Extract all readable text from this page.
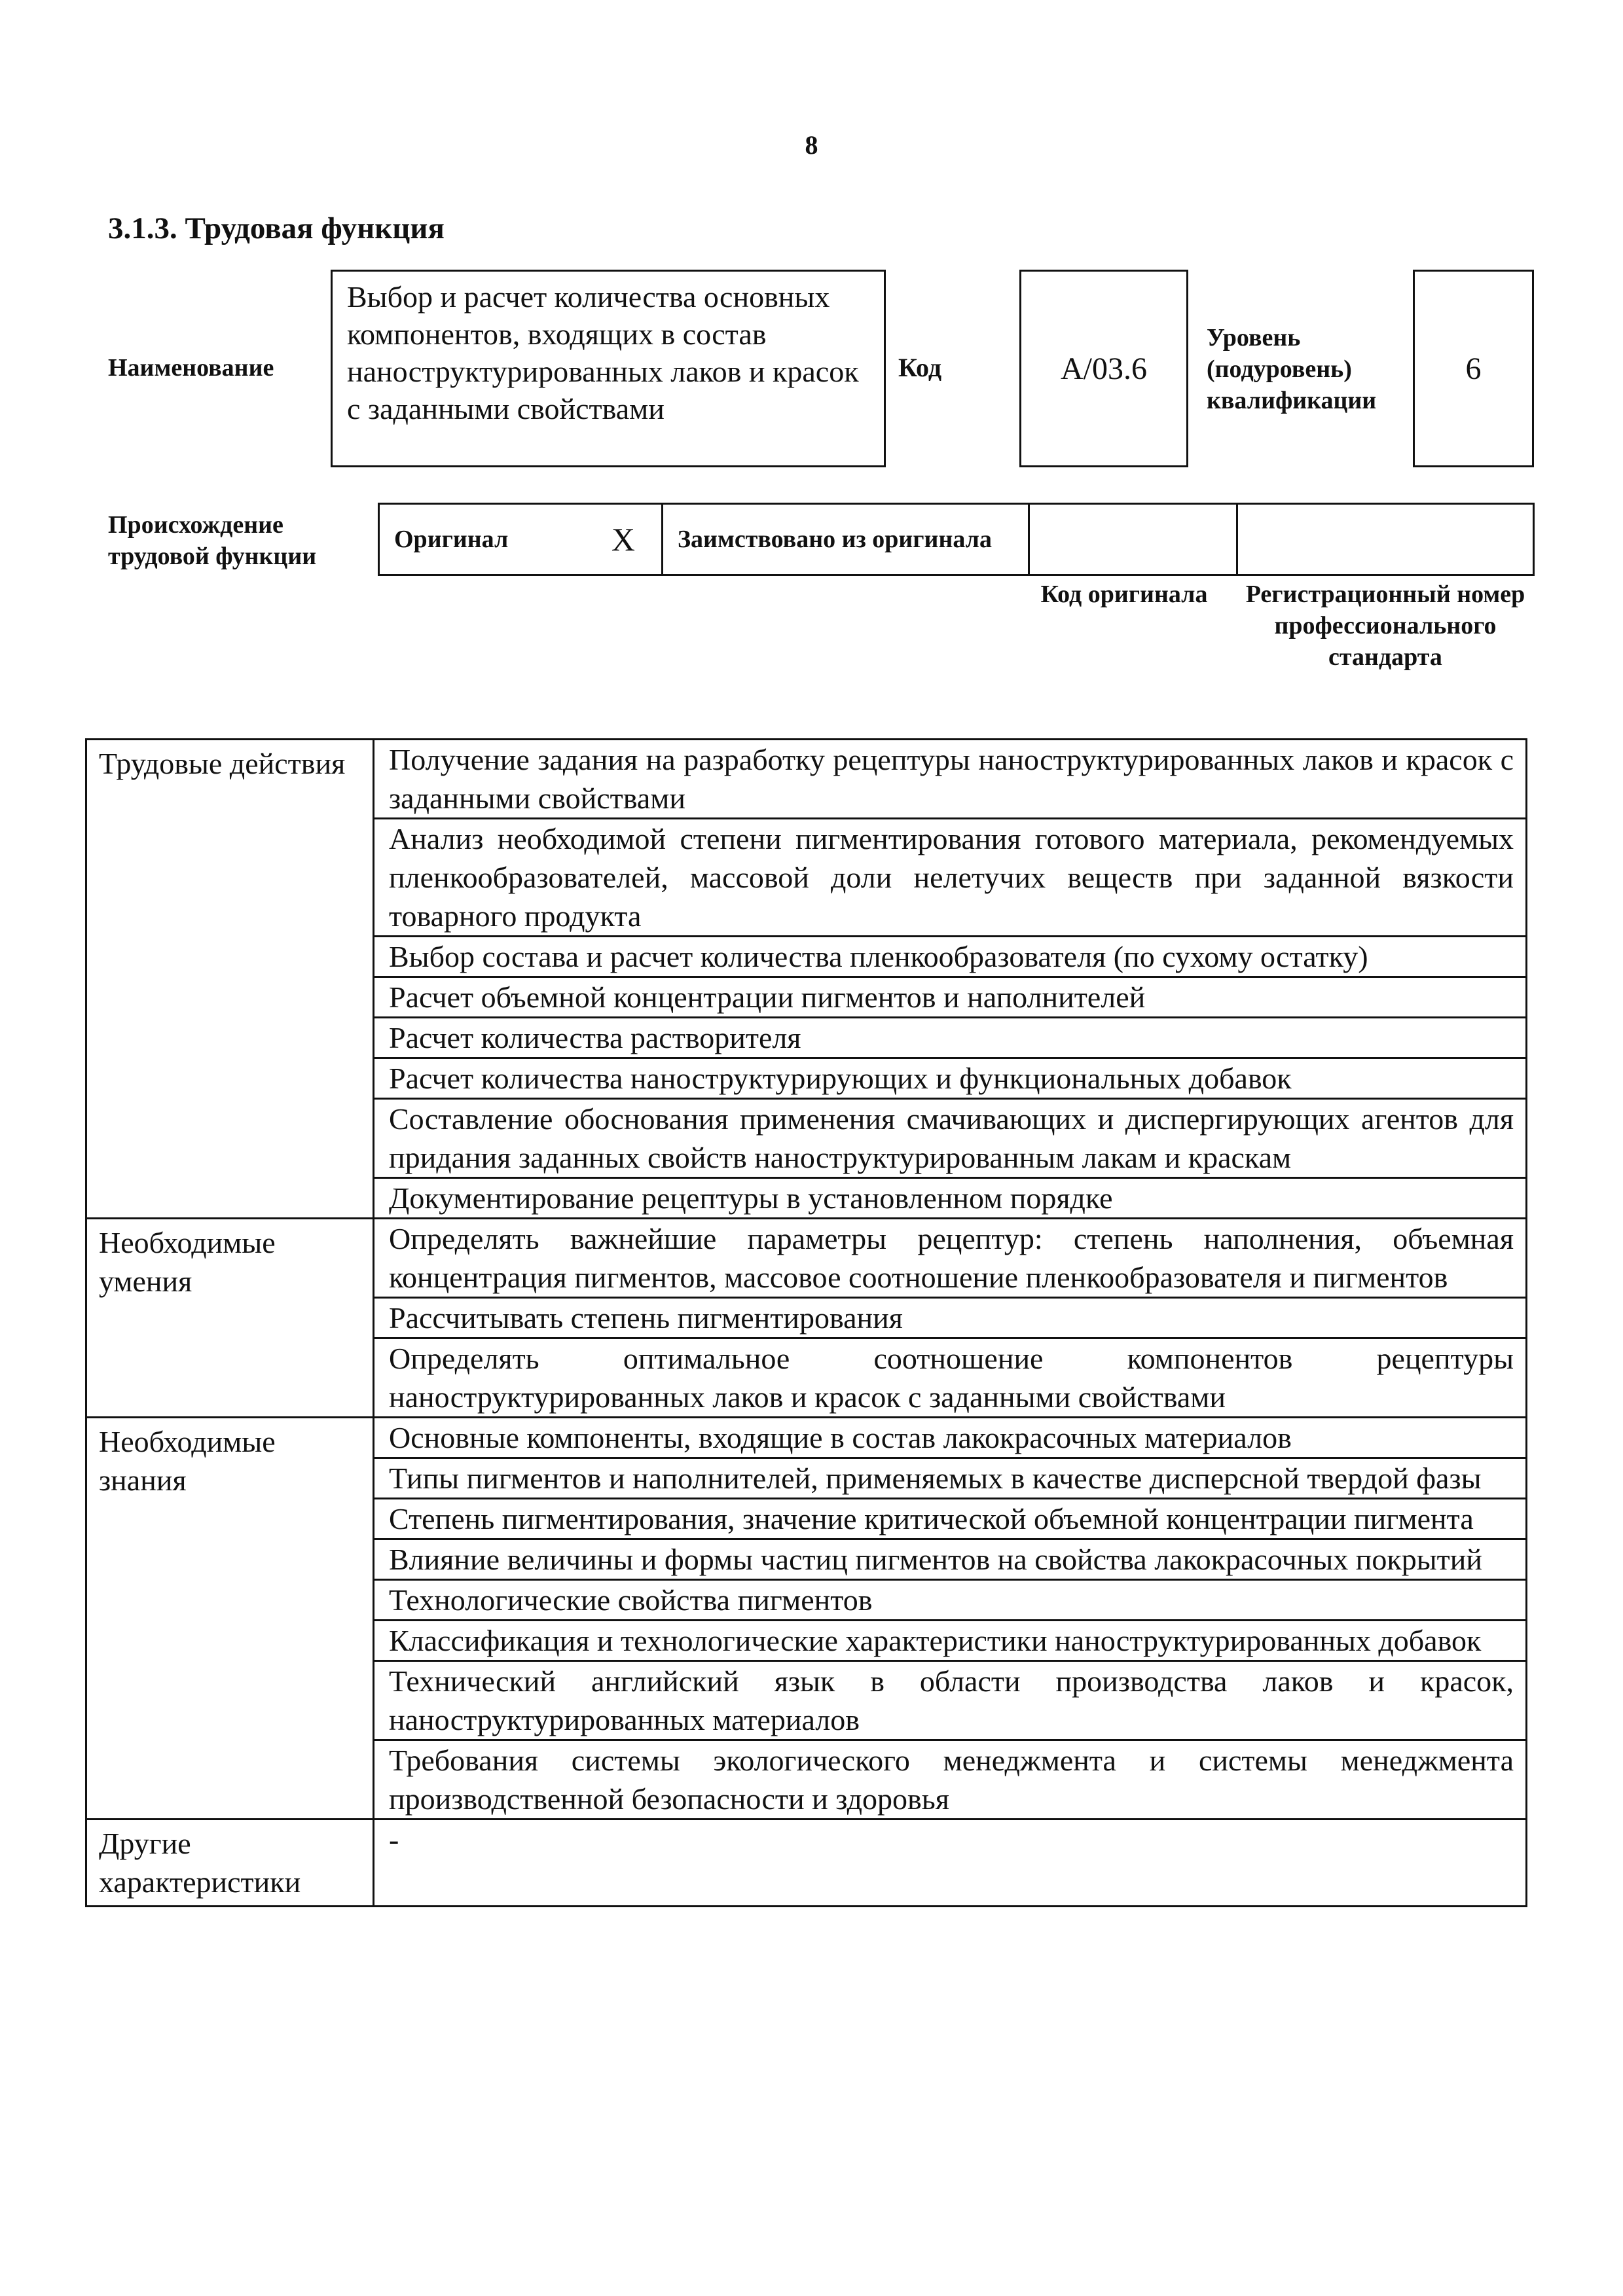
8
3.1.3. Трудовая функция
Наименование
Выбор и расчет количества основных компонентов, входящих в состав наноструктурированных лаков и красок с заданными свойствами
Код	А/03.6
Уровень (подуровень) квалификации
6
Происхождение трудовой функции
Оригинал	X Заимствовано из оригинала
Код оригинала	Регистрационный номер профессионального стандарта
Трудовые действия	Получение задания на разработку рецептуры наноструктурированных лаков и красок с заданными свойствами
	Анализ необходимой степени пигментирования готового материала, рекомендуемых пленкообразователей, массовой доли нелетучих веществ при заданной вязкости товарного продукта
	Выбор состава и расчет количества пленкообразователя (по сухому остатку)
	Расчет объемной концентрации пигментов и наполнителей
	Расчет количества растворителя
	Расчет количества наноструктурирующих и функциональных добавок
	Составление обоснования применения смачивающих и диспергирующих агентов для придания заданных свойств наноструктурированным лакам и краскам
	Документирование рецептуры в установленном порядке
Необходимые умения	Определять важнейшие параметры рецептур: степень наполнения, объемная концентрация пигментов, массовое соотношение пленкообразователя и пигментов
	Рассчитывать степень пигментирования
	Определять оптимальное соотношение компонентов рецептуры наноструктурированных лаков и красок с заданными свойствами
Необходимые знания	Основные компоненты, входящие в состав лакокрасочных материалов
	Типы пигментов и наполнителей, применяемых в качестве дисперсной твердой фазы
	Степень пигментирования, значение критической объемной концентрации пигмента
	Влияние величины и формы частиц пигментов на свойства лакокрасочных покрытий
	Технологические свойства пигментов
	Классификация и технологические характеристики наноструктурированных добавок
	Технический английский язык в области производства лаков и красок, наноструктурированных материалов
	Требования системы экологического менеджмента и системы менеджмента производственной безопасности и здоровья
Другие характеристики	-
